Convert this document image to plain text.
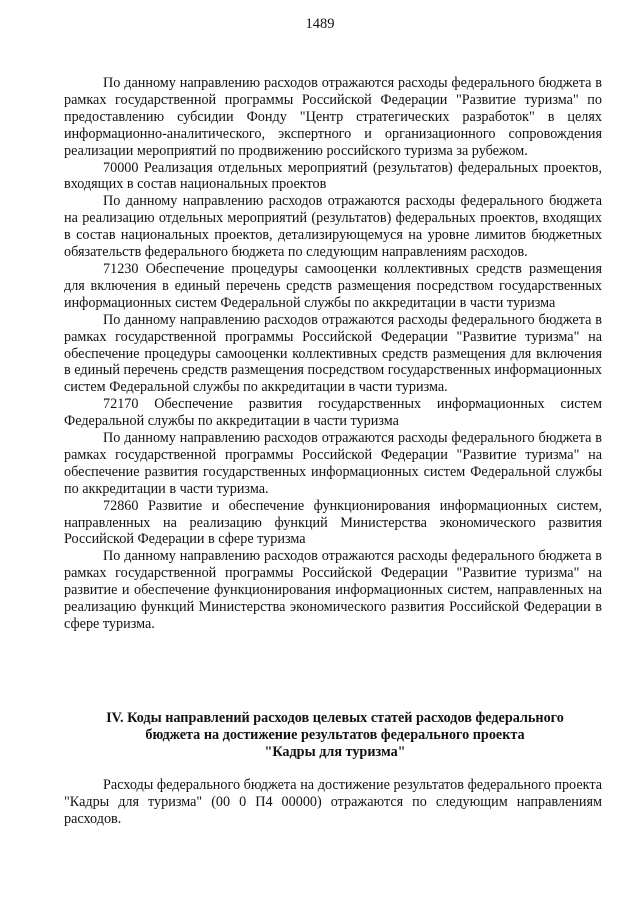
1489

По данному направлению расходов отражаются расходы федерального бюджета в рамках государственной программы Российской Федерации "Развитие туризма" по предоставлению субсидии Фонду "Центр стратегических разработок" в целях информационно-аналитического, экспертного и организационного сопровождения реализации мероприятий по продвижению российского туризма за рубежом.

70000 Реализация отдельных мероприятий (результатов) федеральных проектов, входящих в состав национальных проектов

По данному направлению расходов отражаются расходы федерального бюджета на реализацию отдельных мероприятий (результатов) федеральных проектов, входящих в состав национальных проектов, детализирующемуся на уровне лимитов бюджетных обязательств федерального бюджета по следующим направлениям расходов.

71230 Обеспечение процедуры самооценки коллективных средств размещения для включения в единый перечень средств размещения посредством государственных информационных систем Федеральной службы по аккредитации в части туризма

По данному направлению расходов отражаются расходы федерального бюджета в рамках государственной программы Российской Федерации "Развитие туризма" на обеспечение процедуры самооценки коллективных средств размещения для включения в единый перечень средств размещения посредством государственных информационных систем Федеральной службы по аккредитации в части туризма.

72170 Обеспечение развития государственных информационных систем Федеральной службы по аккредитации в части туризма

По данному направлению расходов отражаются расходы федерального бюджета в рамках государственной программы Российской Федерации "Развитие туризма" на обеспечение развития государственных информационных систем Федеральной службы по аккредитации в части туризма.

72860 Развитие и обеспечение функционирования информационных систем, направленных на реализацию функций Министерства экономического развития Российской Федерации в сфере туризма

По данному направлению расходов отражаются расходы федерального бюджета в рамках государственной программы Российской Федерации "Развитие туризма" на развитие и обеспечение функционирования информационных систем, направленных на реализацию функций Министерства экономического развития Российской Федерации в сфере туризма.

IV. Коды направлений расходов целевых статей расходов федерального
бюджета на достижение результатов федерального проекта
"Кадры для туризма"

Расходы федерального бюджета на достижение результатов федерального проекта "Кадры для туризма" (00 0 П4 00000) отражаются по следующим направлениям расходов.
